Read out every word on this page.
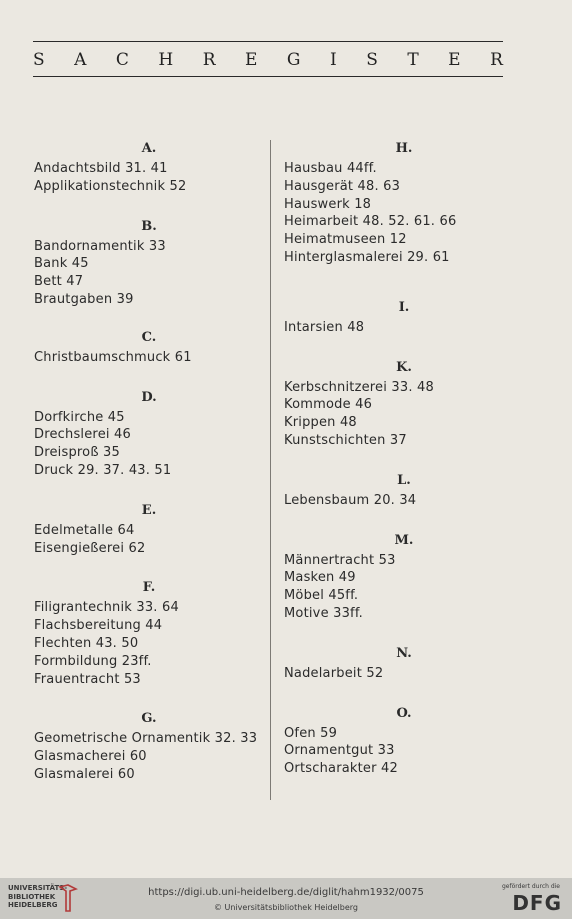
S A C H R E G I S T E R
A.
Andachtsbild 31. 41
Applikationstechnik 52
B.
Bandornamentik 33
Bank 45
Bett 47
Brautgaben 39
C.
Christbaumschmuck 61
D.
Dorfkirche 45
Drechslerei 46
Dreisproß 35
Druck 29. 37. 43. 51
E.
Edelmetalle 64
Eisengießerei 62
F.
Filigrantechnik 33. 64
Flachsbereitung 44
Flechten 43. 50
Formbildung 23ff.
Frauentracht 53
G.
Geometrische Ornamentik 32. 33
Glasmacherei 60
Glasmalerei 60
H.
Hausbau 44ff.
Hausgerät 48. 63
Hauswerk 18
Heimarbeit 48. 52. 61. 66
Heimatmuseen 12
Hinterglasmalerei 29. 61
I.
Intarsien 48
K.
Kerbschnitzerei 33. 48
Kommode 46
Krippen 48
Kunstschichten 37
L.
Lebensbaum 20. 34
M.
Männertracht 53
Masken 49
Möbel 45ff.
Motive 33ff.
N.
Nadelarbeit 52
O.
Ofen 59
Ornamentgut 33
Ortscharakter 42
UNIVERSITÄTS-
BIBLIOTHEK
HEIDELBERG
https://digi.ub.uni-heidelberg.de/diglit/hahm1932/0075
© Universitätsbibliothek Heidelberg
gefördert durch die
DFG
